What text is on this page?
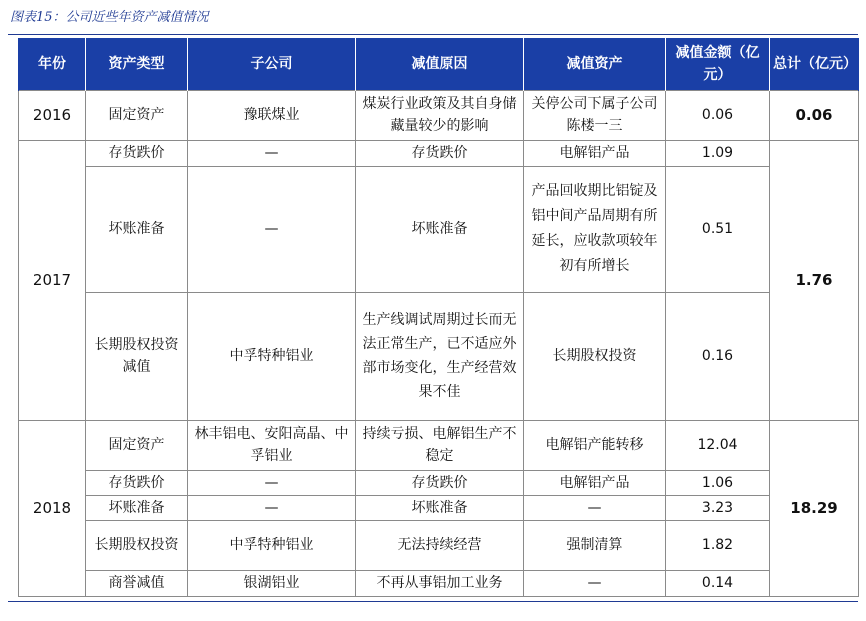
图表15：公司近些年资产减值情况
年份	资产类型	子公司	减值原因	减值资产	减值金额（亿元）	总计（亿元）
2016	固定资产	豫联煤业	煤炭行业政策及其自身储藏量较少的影响	关停公司下属子公司陈楼一三	0.06	0.06
2017	存货跌价	—	存货跌价	电解铝产品	1.09	1.76
	坏账准备	—	坏账准备	产品回收期比铝锭及铝中间产品周期有所延长，应收款项较年初有所增长	0.51	
	长期股权投资减值	中孚特种铝业	生产线调试周期过长而无法正常生产，已不适应外部市场变化，生产经营效果不佳	长期股权投资	0.16	
2018	固定资产	林丰铝电、安阳高晶、中孚铝业	持续亏损、电解铝生产不稳定	电解铝产能转移	12.04	18.29
	存货跌价	—	存货跌价	电解铝产品	1.06	
	坏账准备	—	坏账准备	—	3.23	
	长期股权投资	中孚特种铝业	无法持续经营	强制清算	1.82	
	商誉减值	银湖铝业	不再从事铝加工业务	—	0.14	
